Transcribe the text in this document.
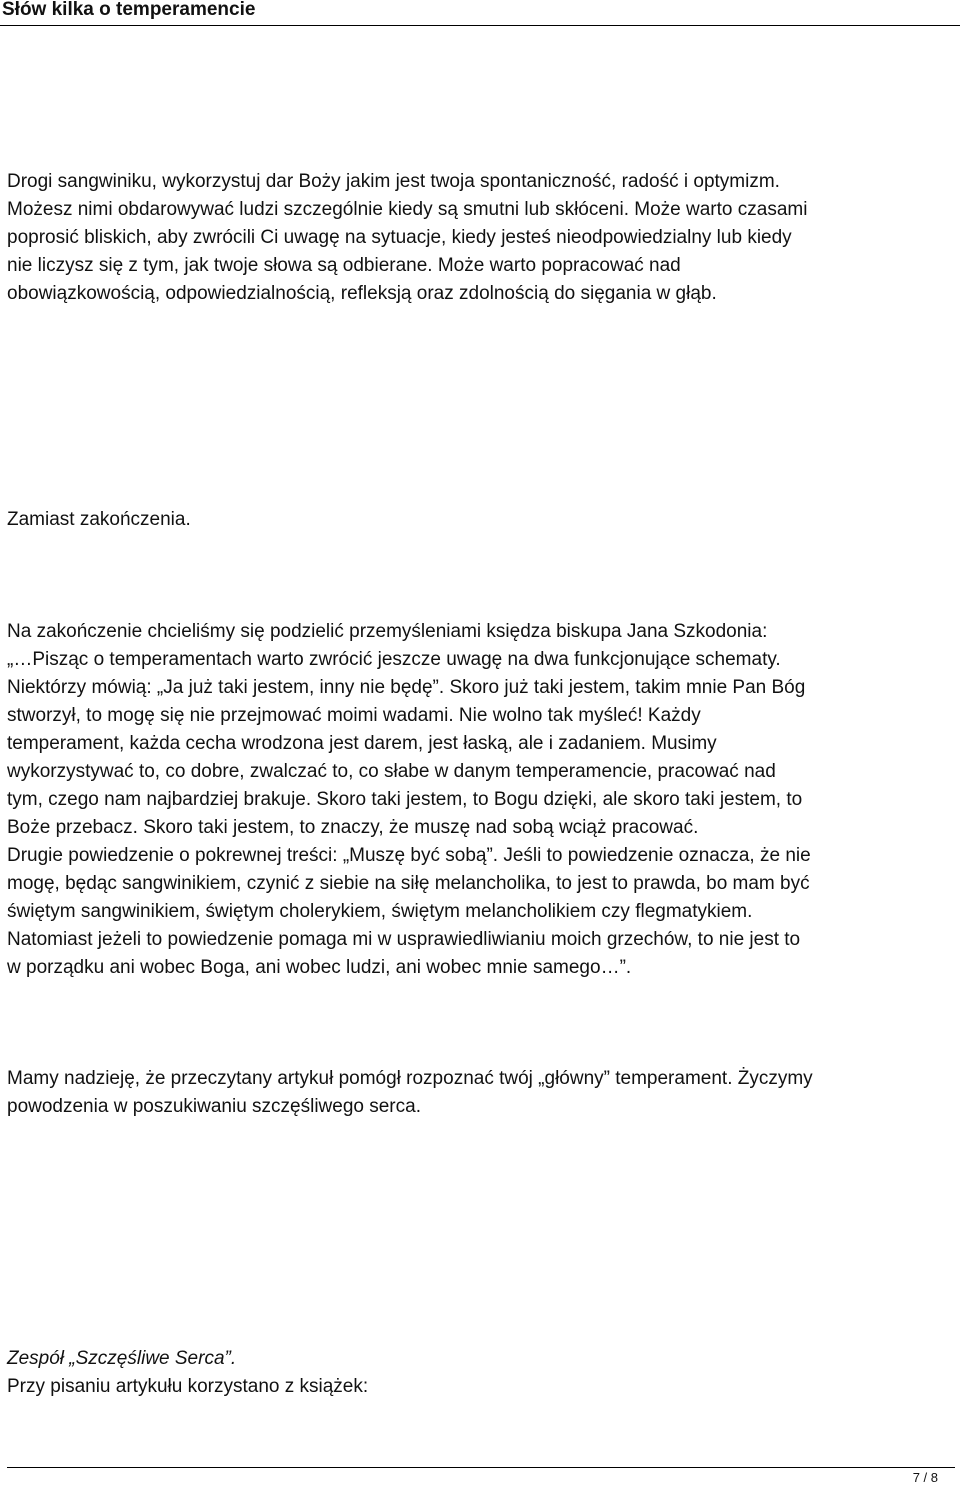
Słów kilka o temperamencie
Drogi sangwiniku, wykorzystuj dar Boży jakim jest twoja spontaniczność, radość i optymizm.
Możesz nimi obdarowywać ludzi szczególnie kiedy są smutni lub skłóceni. Może warto czasami
poprosić bliskich, aby zwrócili Ci uwagę na sytuacje, kiedy jesteś nieodpowiedzialny lub kiedy
nie liczysz się z tym, jak twoje słowa są odbierane. Może warto popracować nad
obowiązkowością, odpowiedzialnością, refleksją oraz zdolnością do sięgania w głąb.
Zamiast zakończenia.
Na zakończenie chcieliśmy się podzielić przemyśleniami księdza biskupa Jana Szkodonia:
„…Pisząc o temperamentach warto zwrócić jeszcze uwagę na dwa funkcjonujące schematy.
Niektórzy mówią: „Ja już taki jestem, inny nie będę”. Skoro już taki jestem, takim mnie Pan Bóg
stworzył, to mogę się nie przejmować moimi wadami. Nie wolno tak myśleć! Każdy
temperament, każda cecha wrodzona jest darem, jest łaską, ale i zadaniem. Musimy
wykorzystywać to, co dobre, zwalczać to, co słabe w danym temperamencie, pracować nad
tym, czego nam najbardziej brakuje. Skoro taki jestem, to Bogu dzięki, ale skoro taki jestem, to
Boże przebacz. Skoro taki jestem, to znaczy, że muszę nad sobą wciąż pracować.
Drugie powiedzenie o pokrewnej treści: „Muszę być sobą”. Jeśli to powiedzenie oznacza, że nie
mogę, będąc sangwinikiem, czynić z siebie na siłę melancholika, to jest to prawda, bo mam być
świętym sangwinikiem, świętym cholerykiem, świętym melancholikiem czy flegmatykiem.
Natomiast jeżeli to powiedzenie pomaga mi w usprawiedliwianiu moich grzechów, to nie jest to
w porządku ani wobec Boga, ani wobec ludzi, ani wobec mnie samego…”.
Mamy nadzieję, że przeczytany artykuł pomógł rozpoznać twój „główny” temperament. Życzymy
powodzenia w poszukiwaniu szczęśliwego serca.
Zespół „Szczęśliwe Serca”.
Przy pisaniu artykułu korzystano z książek:
7 / 8
